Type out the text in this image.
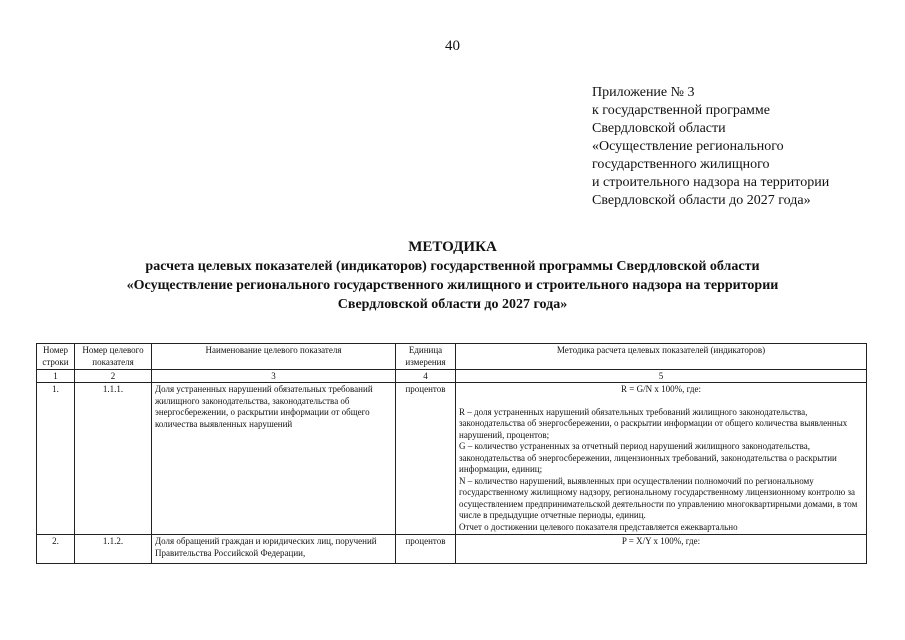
40
Приложение № 3
к государственной программе
Свердловской области
«Осуществление регионального
государственного жилищного
и строительного надзора на территории
Свердловской области до 2027 года»
МЕТОДИКА
расчета целевых показателей (индикаторов) государственной программы Свердловской области
«Осуществление регионального государственного жилищного и строительного надзора на территории
Свердловской области до 2027 года»
Номер строки	Номер целевого показателя	Наименование целевого показателя	Единица измерения	Методика расчета целевых показателей (индикаторов)
1	2	3	4	5
1.	1.1.1.	Доля устраненных нарушений обязательных требований жилищного законодательства, законодательства об энергосбережении, о раскрытии информации от общего количества выявленных нарушений	процентов	R = G/N x 100%, где:
R – доля устраненных нарушений обязательных требований жилищного законодательства, законодательства об энергосбережении, о раскрытии информации от общего количества выявленных нарушений, процентов;
G – количество устраненных за отчетный период нарушений жилищного законодательства, законодательства об энергосбережении, лицензионных требований, законодательства о раскрытии информации, единиц;
N – количество нарушений, выявленных при осуществлении полномочий по региональному государственному жилищному надзору, региональному государственному лицензионному контролю за осуществлением предпринимательской деятельности по управлению многоквартирными домами, в том числе в предыдущие отчетные периоды, единиц.
Отчет о достижении целевого показателя представляется ежеквартально

2.	1.1.2.	Доля обращений граждан и юридических лиц, поручений Правительства Российской Федерации,	процентов	P = X/Y x 100%, где:
